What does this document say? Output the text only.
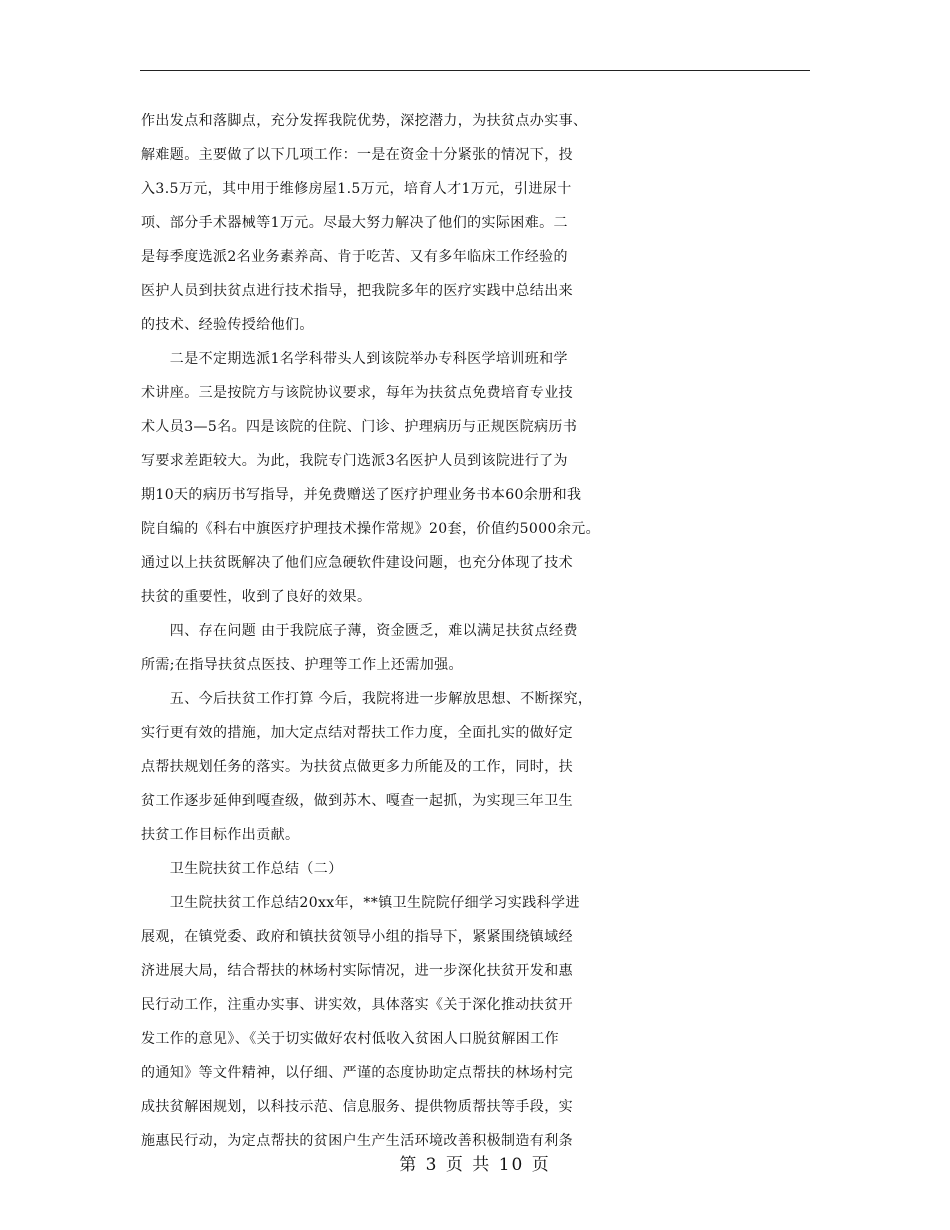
作出发点和落脚点，充分发挥我院优势，深挖潜力，为扶贫点办实事、
解难题。主要做了以下几项工作：一是在资金十分紧张的情况下，投
入3.5万元，其中用于维修房屋1.5万元，培育人才1万元，引进尿十
项、部分手术器械等1万元。尽最大努力解决了他们的实际困难。二
是每季度选派2名业务素养高、肯于吃苦、又有多年临床工作经验的
医护人员到扶贫点进行技术指导，把我院多年的医疗实践中总结出来
的技术、经验传授给他们。
　　二是不定期选派1名学科带头人到该院举办专科医学培训班和学
术讲座。三是按院方与该院协议要求，每年为扶贫点免费培育专业技
术人员3—5名。四是该院的住院、门诊、护理病历与正规医院病历书
写要求差距较大。为此，我院专门选派3名医护人员到该院进行了为
期10天的病历书写指导，并免费赠送了医疗护理业务书本60余册和我
院自编的《科右中旗医疗护理技术操作常规》20套，价值约5000余元。
通过以上扶贫既解决了他们应急硬软件建设问题，也充分体现了技术
扶贫的重要性，收到了良好的效果。
　　四、存在问题 由于我院底子薄，资金匮乏，难以满足扶贫点经费
所需;在指导扶贫点医技、护理等工作上还需加强。
　　五、今后扶贫工作打算 今后，我院将进一步解放思想、不断探究，
实行更有效的措施，加大定点结对帮扶工作力度，全面扎实的做好定
点帮扶规划任务的落实。为扶贫点做更多力所能及的工作，同时，扶
贫工作逐步延伸到嘎查级，做到苏木、嘎查一起抓，为实现三年卫生
扶贫工作目标作出贡献。
　　卫生院扶贫工作总结（二）
　　卫生院扶贫工作总结20xx年，**镇卫生院院仔细学习实践科学进
展观，在镇党委、政府和镇扶贫领导小组的指导下，紧紧围绕镇域经
济进展大局，结合帮扶的林场村实际情况，进一步深化扶贫开发和惠
民行动工作，注重办实事、讲实效，具体落实《关于深化推动扶贫开
发工作的意见》、《关于切实做好农村低收入贫困人口脱贫解困工作
的通知》等文件精神，以仔细、严谨的态度协助定点帮扶的林场村完
成扶贫解困规划，以科技示范、信息服务、提供物质帮扶等手段，实
施惠民行动，为定点帮扶的贫困户生产生活环境改善积极制造有利条
第 3 页 共 10 页
